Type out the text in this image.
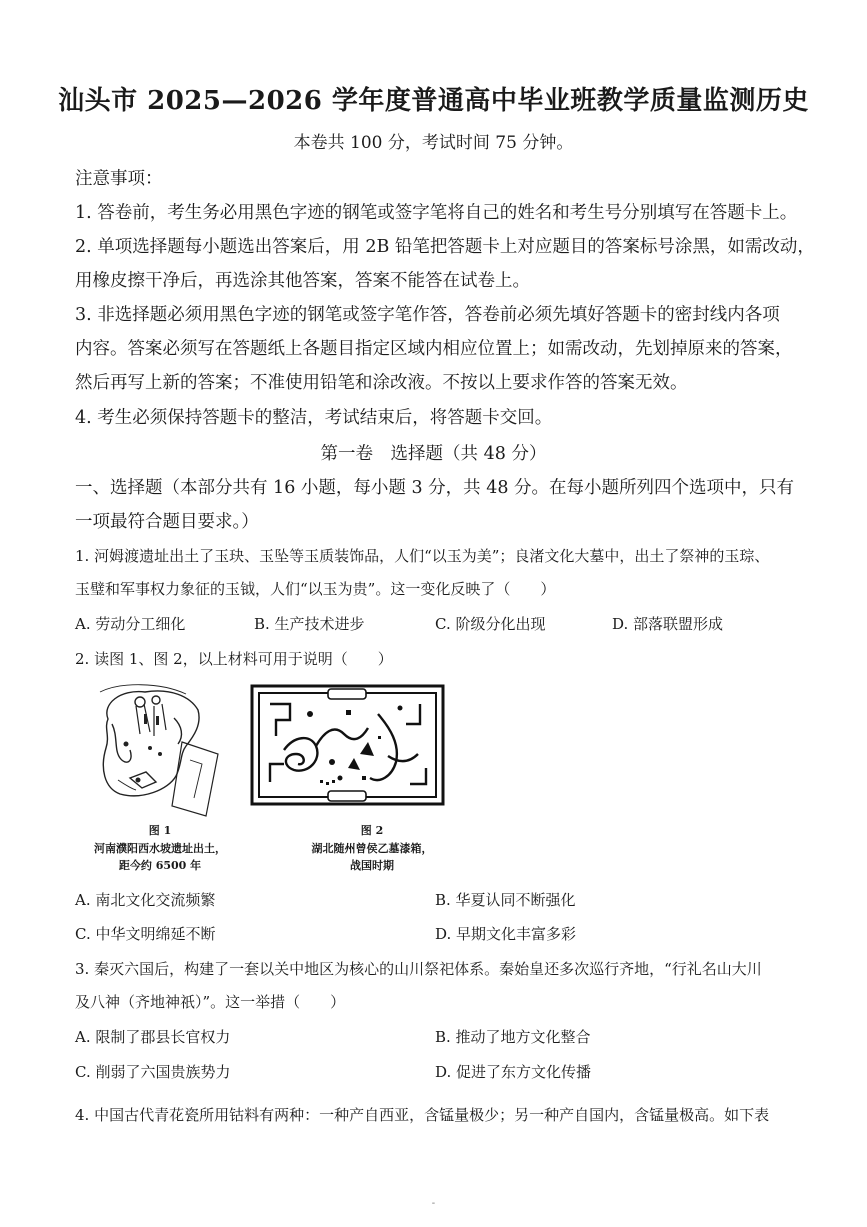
汕头市 2025—2026 学年度普通高中毕业班教学质量监测历史
本卷共 100 分，考试时间 75 分钟。
注意事项：
1. 答卷前，考生务必用黑色字迹的钢笔或签字笔将自己的姓名和考生号分别填写在答题卡上。
2. 单项选择题每小题选出答案后，用 2B 铅笔把答题卡上对应题目的答案标号涂黑，如需改动，
用橡皮擦干净后，再选涂其他答案，答案不能答在试卷上。
3. 非选择题必须用黑色字迹的钢笔或签字笔作答，答卷前必须先填好答题卡的密封线内各项
内容。答案必须写在答题纸上各题目指定区域内相应位置上；如需改动，先划掉原来的答案，
然后再写上新的答案；不准使用铅笔和涂改液。不按以上要求作答的答案无效。
4. 考生必须保持答题卡的整洁，考试结束后，将答题卡交回。
第一卷　选择题（共 48 分）
一、选择题（本部分共有 16 小题，每小题 3 分，共 48 分。在每小题所列四个选项中，只有
一项最符合题目要求。）
1. 河姆渡遗址出土了玉玦、玉坠等玉质装饰品，人们“以玉为美”；良渚文化大墓中，出土了祭神的玉琮、
玉璧和军事权力象征的玉钺，人们“以玉为贵”。这一变化反映了（　　）
A. 劳动分工细化	B. 生产技术进步	C. 阶级分化出现	D. 部落联盟形成
2. 读图 1、图 2，以上材料可用于说明（　　）
图 1
河南濮阳西水坡遗址出土，
距今约 6500 年
图 2
湖北随州曾侯乙墓漆箱，
战国时期
A. 南北文化交流频繁	B. 华夏认同不断强化
C. 中华文明绵延不断	D. 早期文化丰富多彩
3. 秦灭六国后，构建了一套以关中地区为核心的山川祭祀体系。秦始皇还多次巡行齐地，“行礼名山大川
及八神（齐地神祇）”。这一举措（　　）
A. 限制了郡县长官权力	B. 推动了地方文化整合
C. 削弱了六国贵族势力	D. 促进了东方文化传播
4. 中国古代青花瓷所用钴料有两种：一种产自西亚，含锰量极少；另一种产自国内，含锰量极高。如下表
-
